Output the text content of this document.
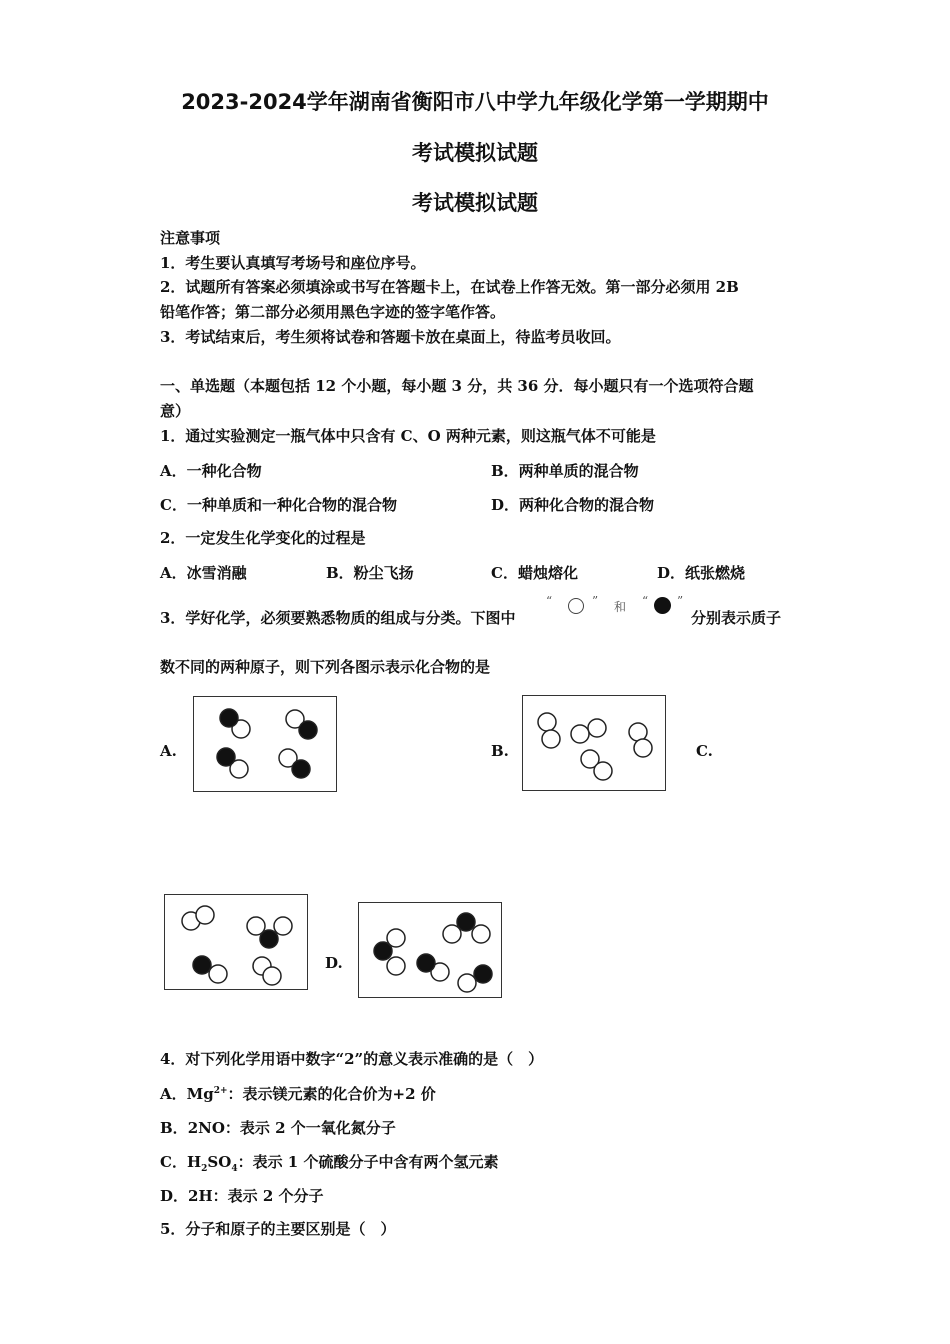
2023-2024学年湖南省衡阳市八中学九年级化学第一学期期中
考试模拟试题
考试模拟试题
注意事项
1．考生要认真填写考场号和座位序号。
2．试题所有答案必须填涂或书写在答题卡上，在试卷上作答无效。第一部分必须用 2B
铅笔作答；第二部分必须用黑色字迹的签字笔作答。
3．考试结束后，考生须将试卷和答题卡放在桌面上，待监考员收回。
一、单选题（本题包括 12 个小题，每小题 3 分，共 36 分．每小题只有一个选项符合题
意）
1．通过实验测定一瓶气体中只含有 C、O 两种元素，则这瓶气体不可能是
A．一种化合物	B．两种单质的混合物
C．一种单质和一种化合物的混合物	D．两种化合物的混合物
2．一定发生化学变化的过程是
A．冰雪消融	B．粉尘飞扬	C．蜡烛熔化	D．纸张燃烧
3．学好化学，必须要熟悉物质的组成与分类。下图中
“	” 和 “ ”
分别表示质子
数不同的两种原子，则下列各图示表示化合物的是
A.	B.	C.
D.
4．对下列化学用语中数字“2”的意义表示准确的是（　）
A．$Mg^{2+}$：表示镁元素的化合价为+2 价
B．2NO：表示 2 个一氧化氮分子
C．$H_2SO_4$：表示 1 个硫酸分子中含有两个氢元素
D．2H：表示 2 个分子
5．分子和原子的主要区别是（　）
